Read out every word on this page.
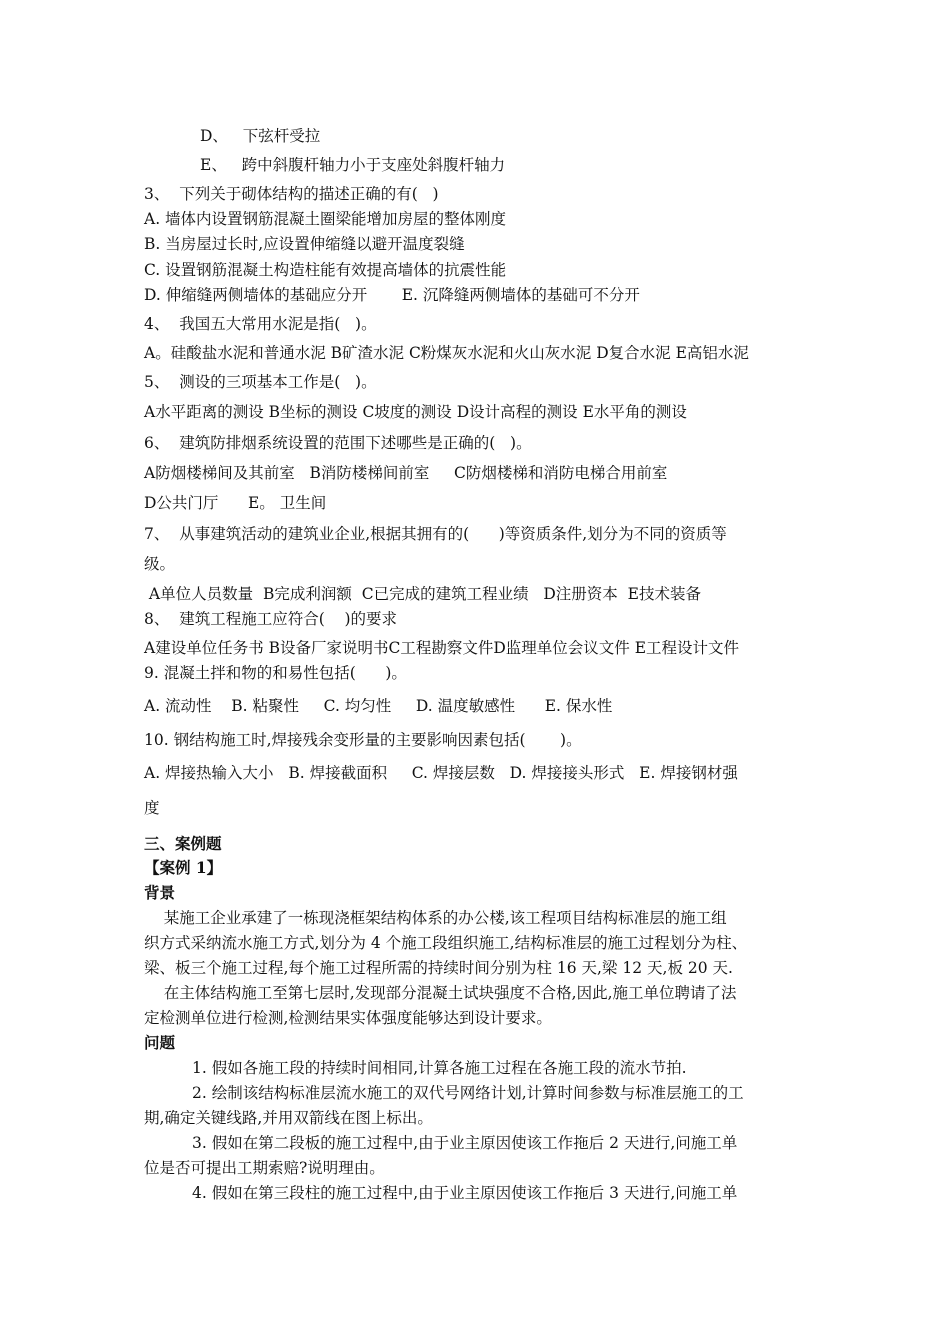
D、   下弦杆受拉
E、   跨中斜腹杆轴力小于支座处斜腹杆轴力
3、  下列关于砌体结构的描述正确的有(   )
A. 墙体内设置钢筋混凝土圈梁能增加房屋的整体刚度
B. 当房屋过长时,应设置伸缩缝以避开温度裂缝
C. 设置钢筋混凝土构造柱能有效提高墙体的抗震性能
D. 伸缩缝两侧墙体的基础应分开       E. 沉降缝两侧墙体的基础可不分开
4、  我国五大常用水泥是指(   )。
A。硅酸盐水泥和普通水泥 B矿渣水泥 C粉煤灰水泥和火山灰水泥 D复合水泥 E高铝水泥
5、  测设的三项基本工作是(   )。
A水平距离的测设 B坐标的测设 C坡度的测设 D设计高程的测设 E水平角的测设
6、  建筑防排烟系统设置的范围下述哪些是正确的(   )。
A防烟楼梯间及其前室   B消防楼梯间前室     C防烟楼梯和消防电梯合用前室
D公共门厅      E。 卫生间
7、  从事建筑活动的建筑业企业,根据其拥有的(      )等资质条件,划分为不同的资质等
级。
A单位人员数量  B完成利润额  C已完成的建筑工程业绩   D注册资本  E技术装备
8、  建筑工程施工应符合(    )的要求
A建设单位任务书 B设备厂家说明书C工程勘察文件D监理单位会议文件 E工程设计文件
9. 混凝土拌和物的和易性包括(      )。
A. 流动性    B. 粘聚性     C. 均匀性     D. 温度敏感性      E. 保水性
10. 钢结构施工时,焊接残余变形量的主要影响因素包括(       )。
A. 焊接热输入大小   B. 焊接截面积     C. 焊接层数   D. 焊接接头形式   E. 焊接钢材强
度
三、案例题
【案例 1】
背景
某施工企业承建了一栋现浇框架结构体系的办公楼,该工程项目结构标准层的施工组
织方式采纳流水施工方式,划分为 4 个施工段组织施工,结构标准层的施工过程划分为柱、
梁、板三个施工过程,每个施工过程所需的持续时间分别为柱 16 天,梁 12 天,板 20 天.
在主体结构施工至第七层时,发现部分混凝土试块强度不合格,因此,施工单位聘请了法
定检测单位进行检测,检测结果实体强度能够达到设计要求。
问题
1. 假如各施工段的持续时间相同,计算各施工过程在各施工段的流水节拍.
2. 绘制该结构标准层流水施工的双代号网络计划,计算时间参数与标准层施工的工
期,确定关键线路,并用双箭线在图上标出。
3. 假如在第二段板的施工过程中,由于业主原因使该工作拖后 2 天进行,问施工单
位是否可提出工期索赔?说明理由。
4. 假如在第三段柱的施工过程中,由于业主原因使该工作拖后 3 天进行,问施工单
